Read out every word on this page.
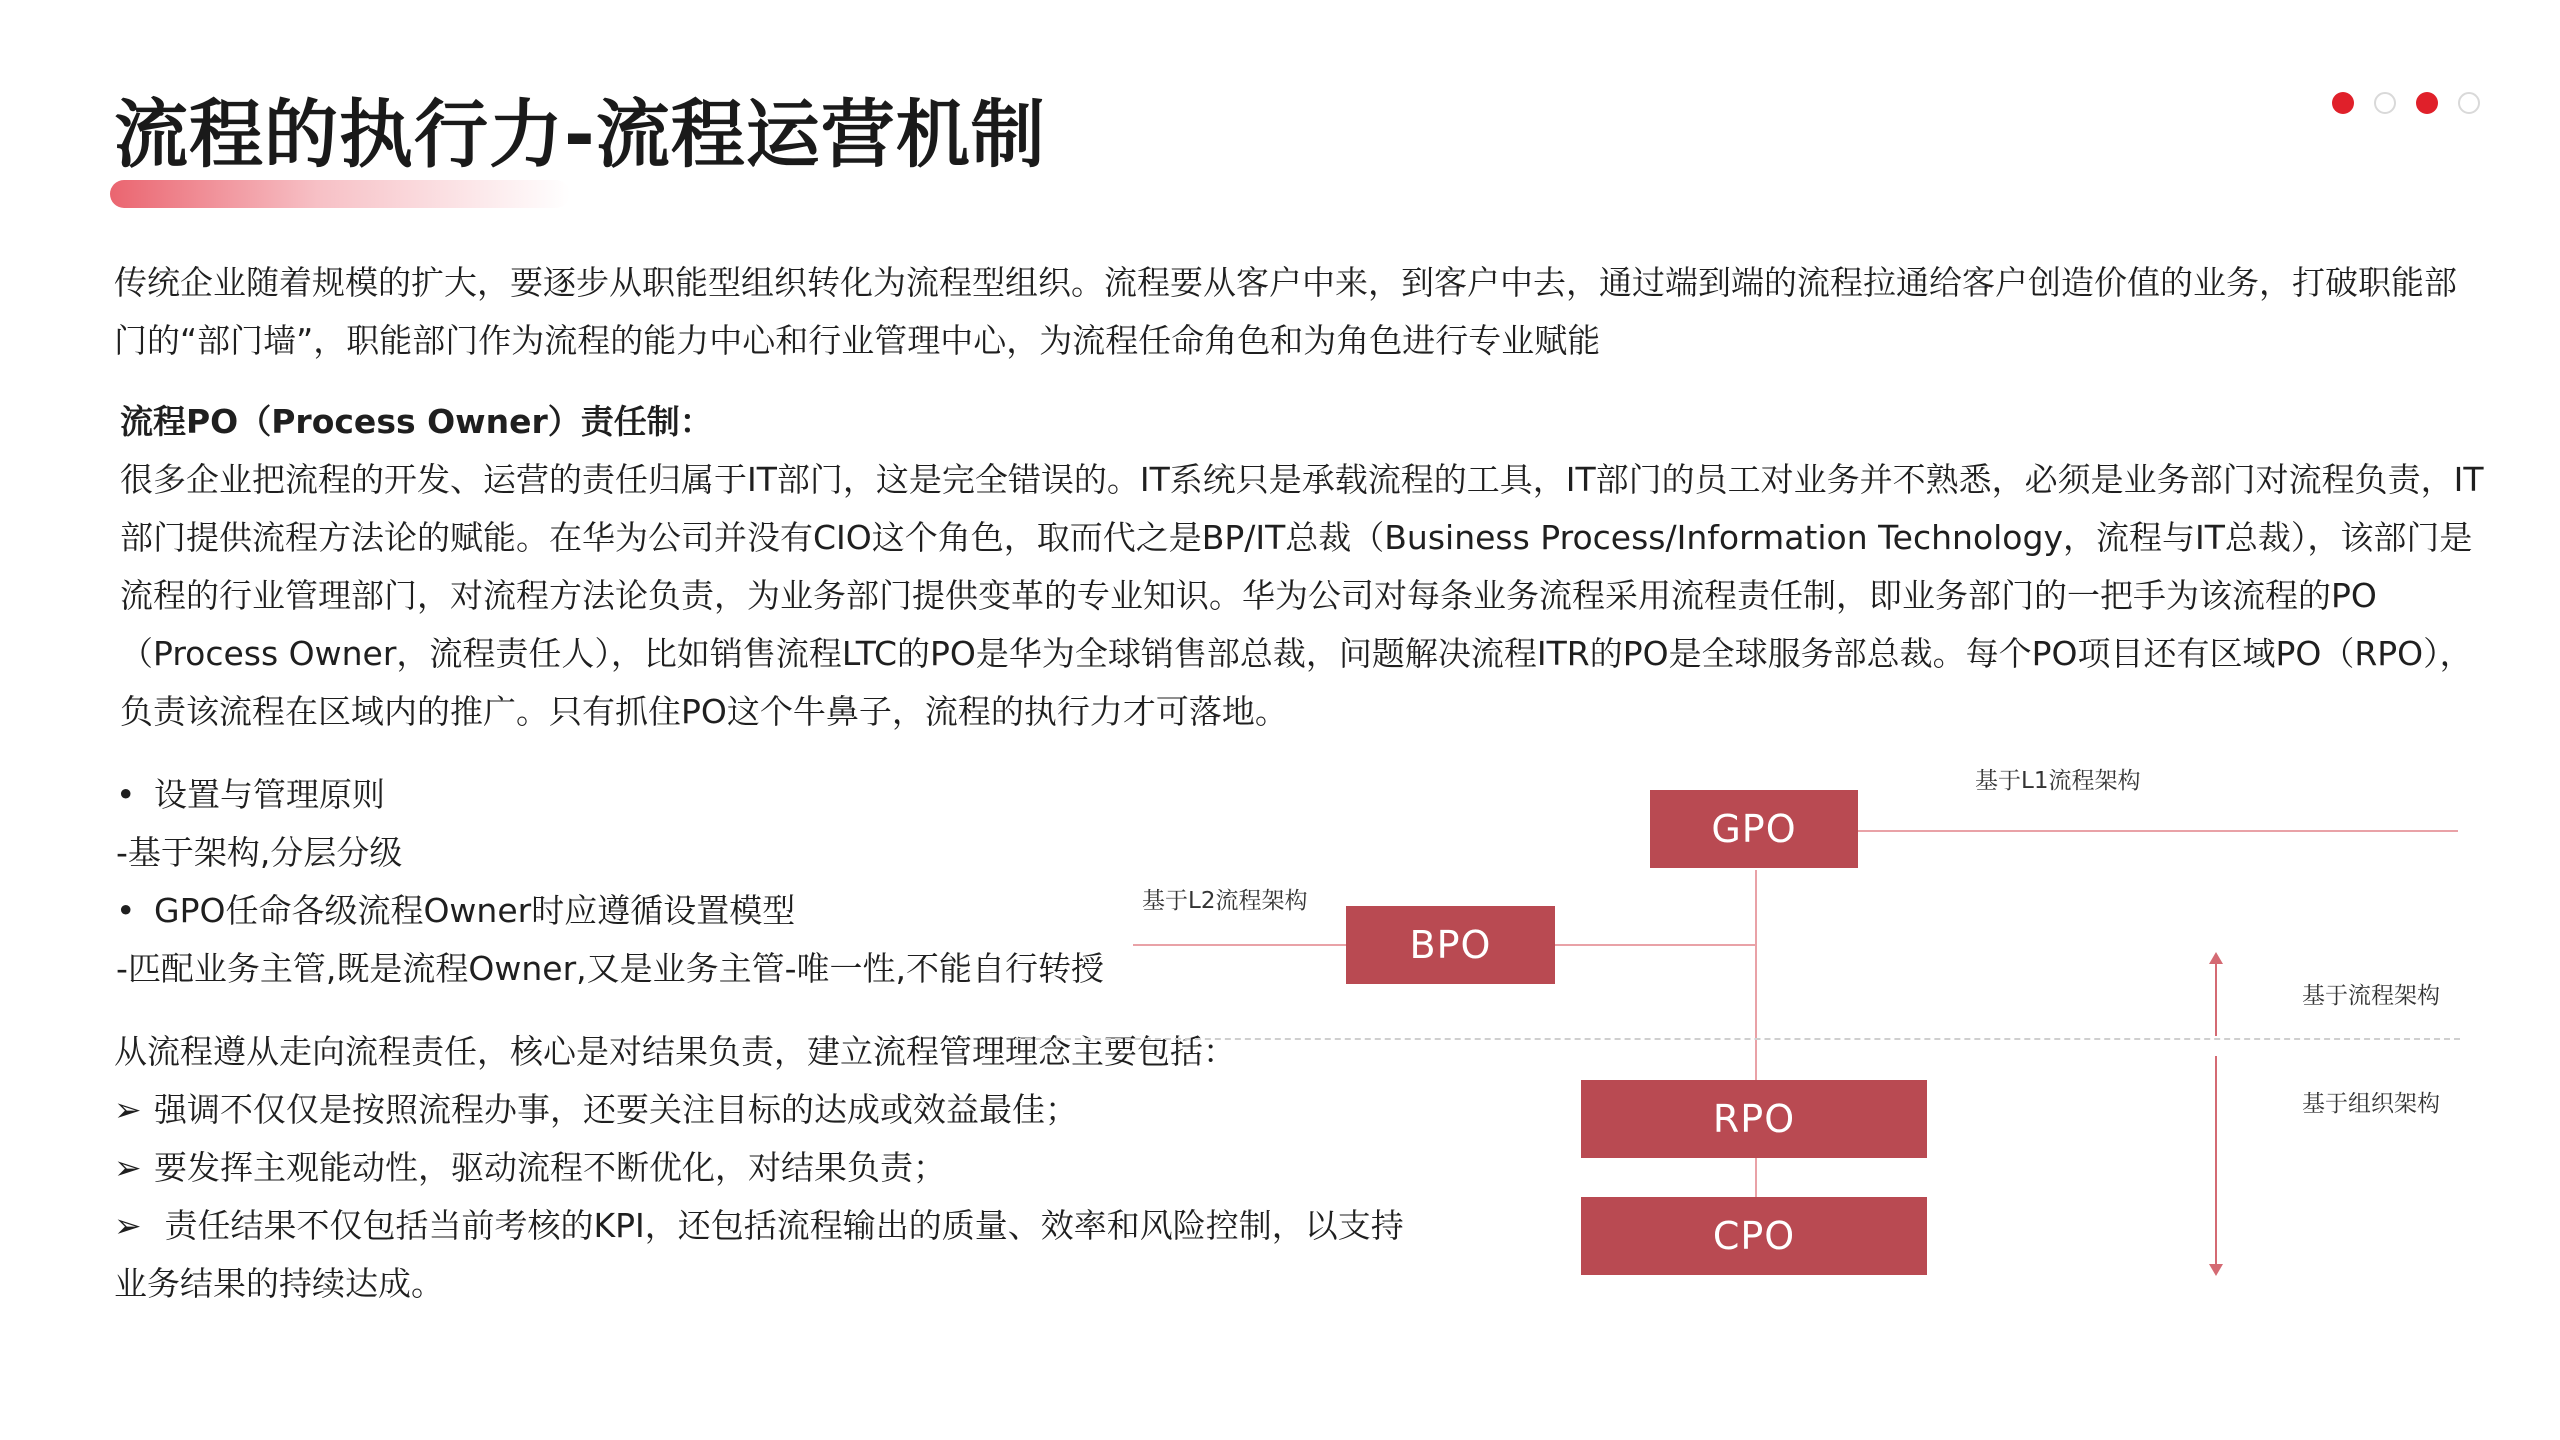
流程的执行力-流程运营机制

传统企业随着规模的扩大，要逐步从职能型组织转化为流程型组织。流程要从客户中来，到客户中去，通过端到端的流程拉通给客户创造价值的业务，打破职能部门的“部门墙”，职能部门作为流程的能力中心和行业管理中心，为流程任命角色和为角色进行专业赋能

流程PO（Process Owner）责任制：

很多企业把流程的开发、运营的责任归属于IT部门，这是完全错误的。IT系统只是承载流程的工具，IT部门的员工对业务并不熟悉，必须是业务部门对流程负责，IT部门提供流程方法论的赋能。在华为公司并没有CIO这个角色，取而代之是BP/IT总裁（Business Process/Information Technology，流程与IT总裁），该部门是流程的行业管理部门，对流程方法论负责，为业务部门提供变革的专业知识。华为公司对每条业务流程采用流程责任制，即业务部门的一把手为该流程的PO（Process Owner，流程责任人），比如销售流程LTC的PO是华为全球销售部总裁，问题解决流程ITR的PO是全球服务部总裁。每个PO项目还有区域PO（RPO），负责该流程在区域内的推广。只有抓住PO这个牛鼻子，流程的执行力才可落地。

• 设置与管理原则
-基于架构,分层分级
• GPO任命各级流程Owner时应遵循设置模型
-匹配业务主管,既是流程Owner,又是业务主管-唯一性,不能自行转授
从流程遵从走向流程责任，核心是对结果负责，建立流程管理理念主要包括：
➢ 强调不仅仅是按照流程办事，还要关注目标的达成或效益最佳；
➢ 要发挥主观能动性，驱动流程不断优化，对结果负责；
➢ 责任结果不仅包括当前考核的KPI，还包括流程输出的质量、效率和风险控制，以支持
业务结果的持续达成。
GPO
BPO
RPO
CPO
基于L1流程架构
基于L2流程架构
基于流程架构
基于组织架构
